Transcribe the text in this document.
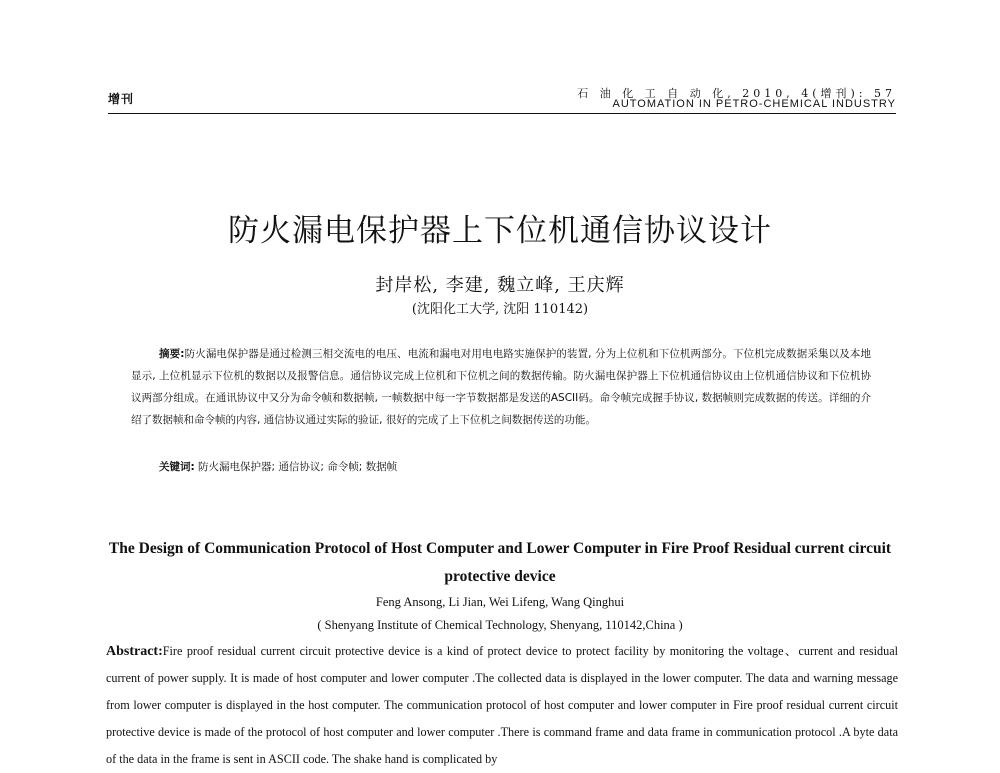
增刊	石 油 化 工 自 动 化, 2010, 4(增刊): 57
AUTOMATION IN PETRO-CHEMICAL INDUSTRY
防火漏电保护器上下位机通信协议设计
封岸松, 李建, 魏立峰, 王庆辉
(沈阳化工大学, 沈阳 110142)
摘要:防火漏电保护器是通过检测三相交流电的电压、电流和漏电对用电电路实施保护的装置, 分为上位机和下位机两部分。下位机完成数据采集以及本地显示, 上位机显示下位机的数据以及报警信息。通信协议完成上位机和下位机之间的数据传输。防火漏电保护器上下位机通信协议由上位机通信协议和下位机协议两部分组成。在通讯协议中又分为命令帧和数据帧, 一帧数据中每一字节数据都是发送的ASCII码。命令帧完成握手协议, 数据帧则完成数据的传送。详细的介绍了数据帧和命令帧的内容, 通信协议通过实际的验证, 很好的完成了上下位机之间数据传送的功能。
关键词: 防火漏电保护器; 通信协议; 命令帧; 数据帧
The Design of Communication Protocol of Host Computer and Lower Computer in Fire Proof Residual current circuit protective device
Feng Ansong, Li Jian, Wei Lifeng, Wang Qinghui
( Shenyang Institute of Chemical Technology, Shenyang, 110142,China )
Abstract:Fire proof residual current circuit protective device is a kind of protect device to protect facility by monitoring the voltage、current and residual current of power supply. It is made of host computer and lower computer .The collected data is displayed in the lower computer. The data and warning message from lower computer is displayed in the host computer. The communication protocol of host computer and lower computer in Fire proof residual current circuit protective device is made of the protocol of host computer and lower computer .There is command frame and data frame in communication protocol .A byte data of the data in the frame is sent in ASCII code. The shake hand is complicated by
